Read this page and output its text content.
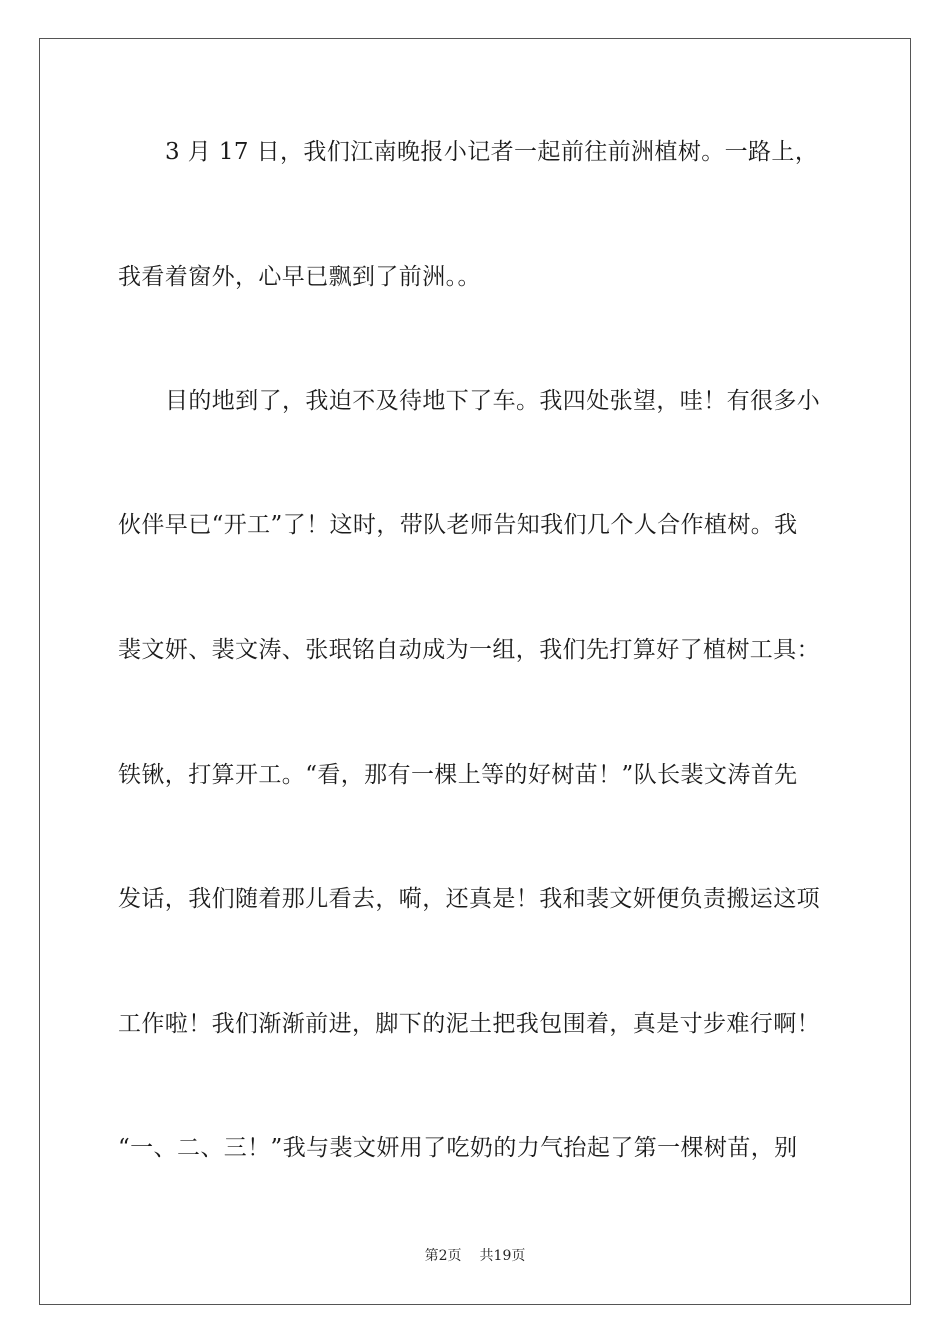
3 月 17 日，我们江南晚报小记者一起前往前洲植树。一路上，
我看着窗外，心早已飘到了前洲。。
目的地到了，我迫不及待地下了车。我四处张望，哇！有很多小
伙伴早已“开工”了！这时，带队老师告知我们几个人合作植树。我
裴文妍、裴文涛、张珉铭自动成为一组，我们先打算好了植树工具：
铁锹，打算开工。“看，那有一棵上等的好树苗！”队长裴文涛首先
发话，我们随着那儿看去，嗬，还真是！我和裴文妍便负责搬运这项
工作啦！我们渐渐前进，脚下的泥土把我包围着，真是寸步难行啊！
“一、二、三！”我与裴文妍用了吃奶的力气抬起了第一棵树苗，别
第2页 共19页
